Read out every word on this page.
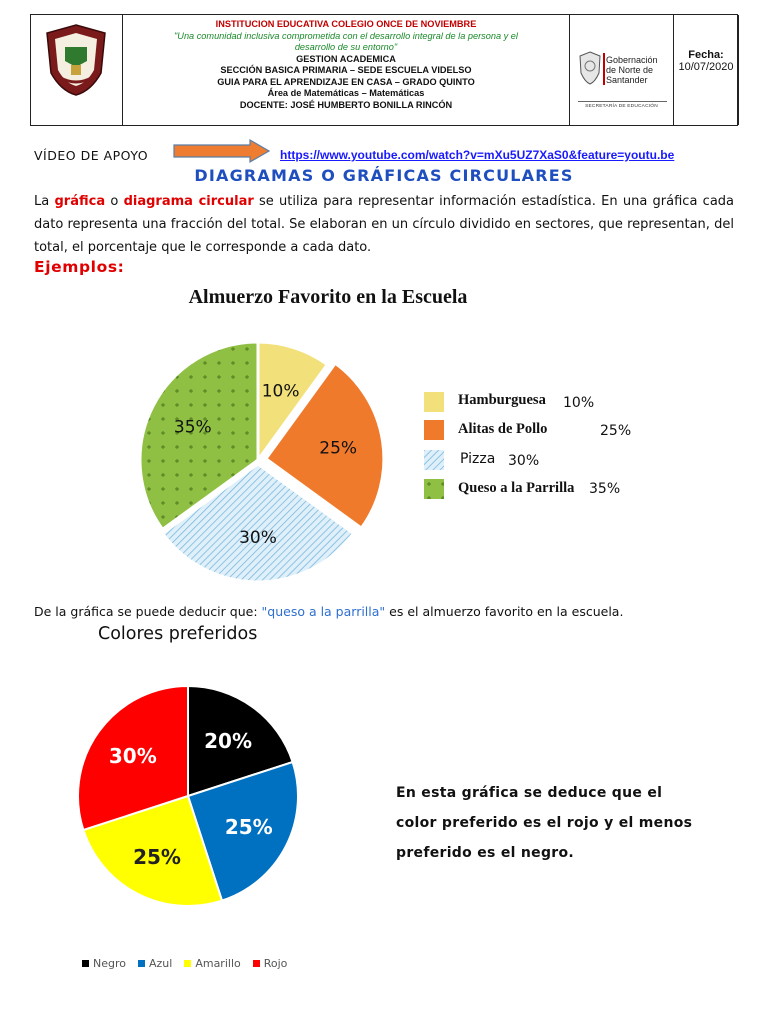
INSTITUCION EDUCATIVA COLEGIO ONCE DE NOVIEMBRE
"Una comunidad inclusiva comprometida con el desarrollo integral de la persona y el
desarrollo de su entorno"
GESTION ACADEMICA
SECCIÓN BASICA PRIMARIA – SEDE ESCUELA VIDELSO
GUIA PARA EL APRENDIZAJE EN CASA – GRADO QUINTO
Área de Matemáticas – Matemáticas
DOCENTE: JOSÉ HUMBERTO BONILLA RINCÓN
Gobernación
de Norte de
Santander
SECRETARÍA DE EDUCACIÓN
Fecha:
10/07/2020
VÍDEO DE APOYO	https://www.youtube.com/watch?v=mXu5UZ7XaS0&feature=youtu.be
DIAGRAMAS O GRÁFICAS CIRCULARES
La gráfica o diagrama circular se utiliza para representar información estadística. En una gráfica cada dato representa una fracción del total. Se elaboran en un círculo dividido en sectores, que representan, del total, el porcentaje que le corresponde a cada dato.
Ejemplos:
Almuerzo Favorito en la Escuela
10%
25%
30%
35%
Hamburguesa 10%
Alitas de Pollo	25%
Pizza 30%
Queso a la Parrilla 35%
De la gráfica se puede deducir que: "queso a la parrilla" es el almuerzo favorito en la escuela.
Colores preferidos
20%
25%
25%
30%
En esta gráfica se deduce que el
color preferido es el rojo y el menos
preferido es el negro.
Negro Azul Amarillo Rojo
